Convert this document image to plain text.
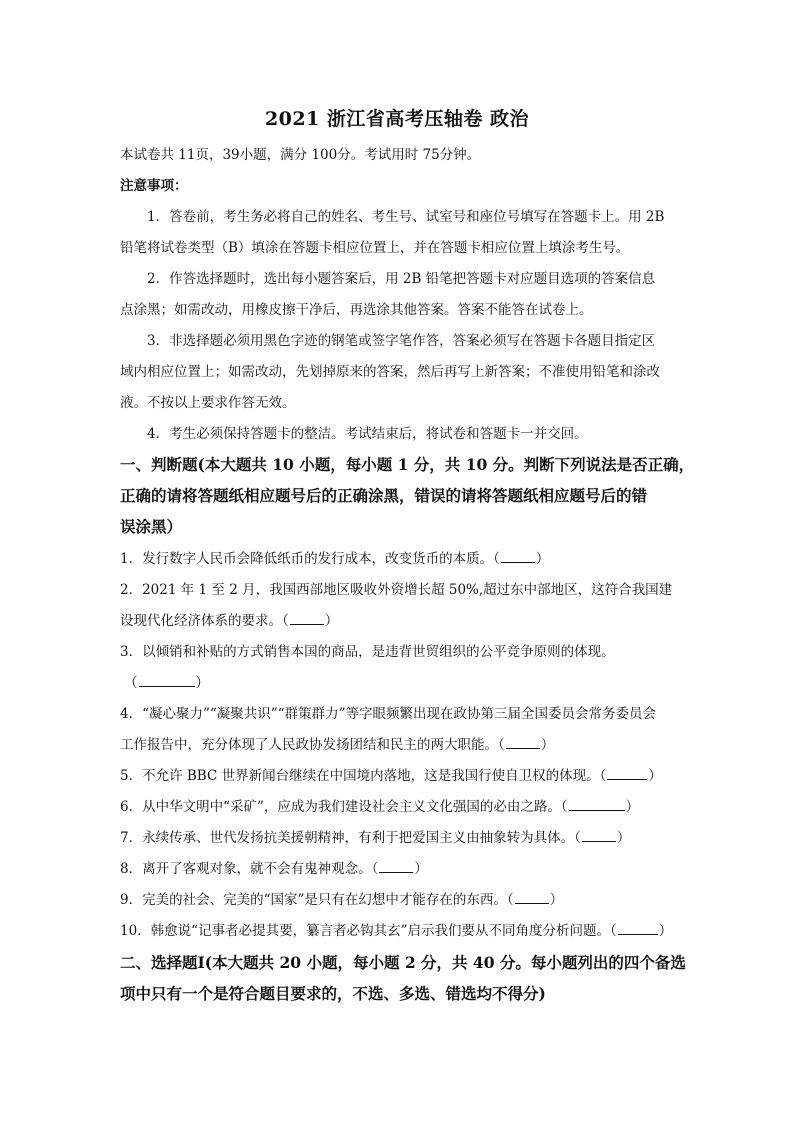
2021 浙江省高考压轴卷 政治
本试卷共 11页，39小题，满分 100分。考试用时 75分钟。
注意事项：
1．答卷前，考生务必将自己的姓名、考生号、试室号和座位号填写在答题卡上。用 2B
铅笔将试卷类型（B）填涂在答题卡相应位置上，并在答题卡相应位置上填涂考生号。
2．作答选择题时，选出每小题答案后，用 2B 铅笔把答题卡对应题目选项的答案信息
点涂黑；如需改动，用橡皮擦干净后，再选涂其他答案。答案不能答在试卷上。
3．非选择题必须用黑色字迹的钢笔或签字笔作答，答案必须写在答题卡各题目指定区
域内相应位置上；如需改动，先划掉原来的答案，然后再写上新答案；不准使用铅笔和涂改
液。不按以上要求作答无效。
4．考生必须保持答题卡的整洁。考试结束后，将试卷和答题卡一并交回。
一、判断题(本大题共 10 小题，每小题 1 分，共 10 分。判断下列说法是否正确，
正确的请将答题纸相应题号后的正确涂黑，错误的请将答题纸相应题号后的错
误涂黑）
1．发行数字人民币会降低纸币的发行成本，改变货币的本质。（	）
2．2021 年 1 至 2 月，我国西部地区吸收外资增长超 50%,超过东中部地区，这符合我国建
设现代化经济体系的要求。（	）
3．以倾销和补贴的方式销售本国的商品，是违背世贸组织的公平竞争原则的体现。
（	）
4．“凝心聚力”“凝聚共识”“群策群力”等字眼频繁出现在政协第三届全国委员会常务委员会
工作报告中，充分体现了人民政协发扬团结和民主的两大职能。（	）
5．不允许 BBC 世界新闻台继续在中国境内落地，这是我国行使自卫权的体现。（	）
6．从中华文明中“采矿”，应成为我们建设社会主义文化强国的必由之路。（	）
7．永续传承、世代发扬抗美援朝精神，有利于把爱国主义由抽象转为具体。（	）
8．离开了客观对象，就不会有鬼神观念。（	）
9．完美的社会、完美的“国家”是只有在幻想中才能存在的东西。（	）
10．韩愈说“记事者必提其要，纂言者必钩其玄”启示我们要从不同角度分析问题。（	）
二、选择题Ⅰ(本大题共 20 小题，每小题 2 分，共 40 分。每小题列出的四个备选
项中只有一个是符合题目要求的，不选、多选、错选均不得分)
